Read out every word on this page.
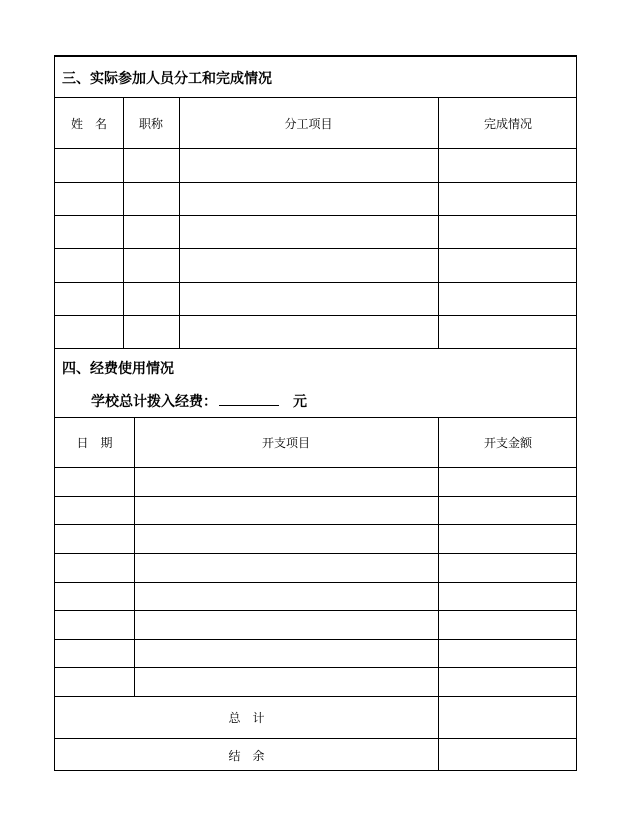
三、实际参加人员分工和完成情况
姓　名	职称	分工项目	完成情况
四、经费使用情况
学校总计拨入经费：	元
日　期	开支项目	开支金额
总　计
结　余
